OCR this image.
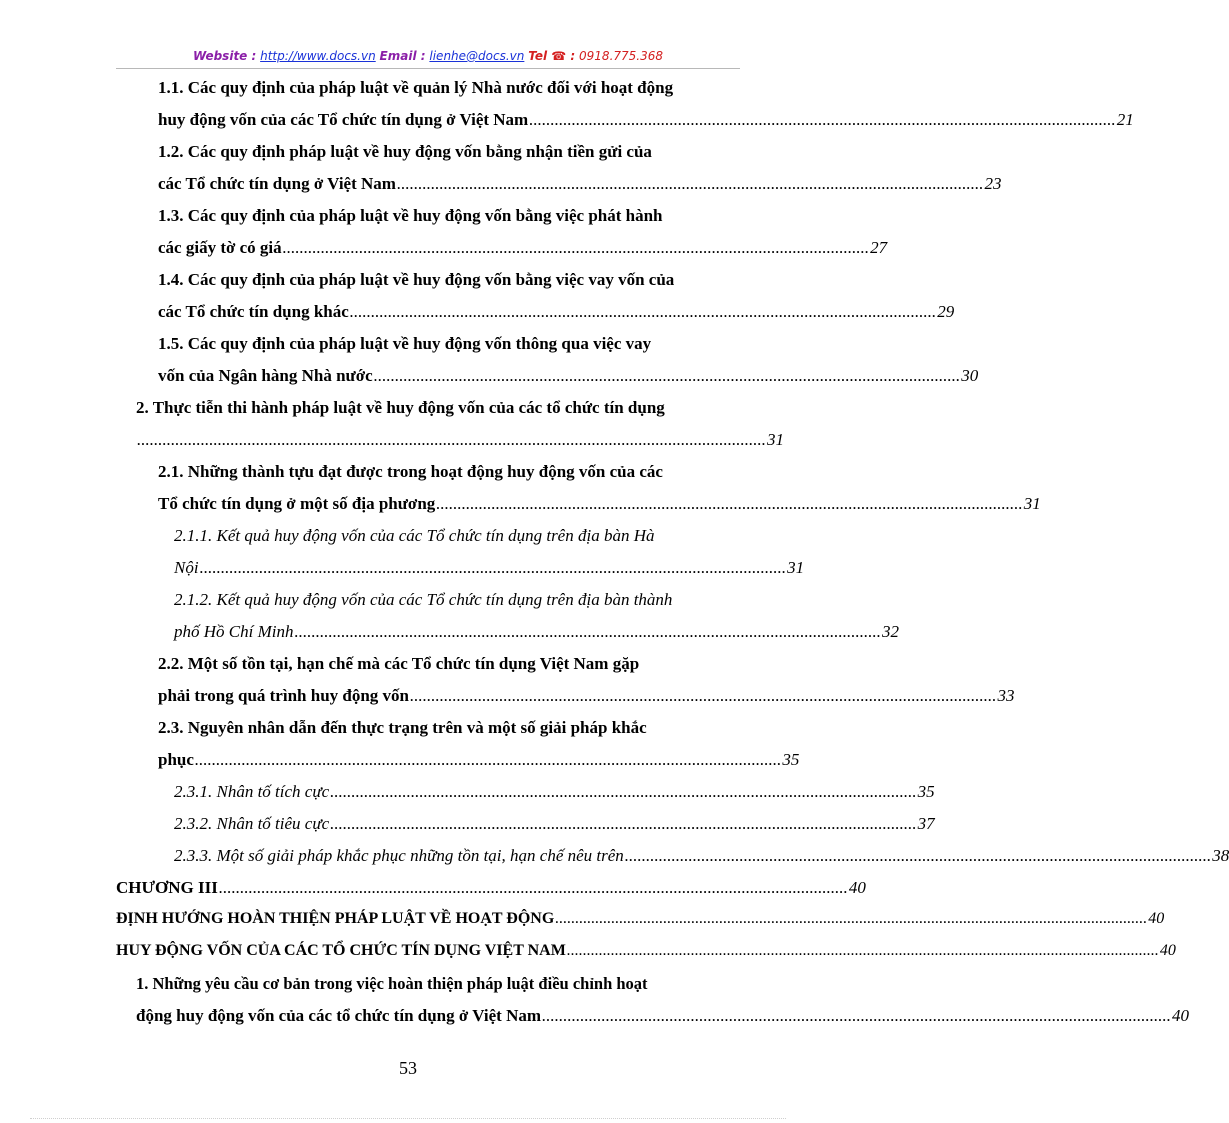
Website : http://www.docs.vn Email : lienhe@docs.vn Tel ☎ : 0918.775.368
1.1. Các quy định của pháp luật về quản lý Nhà nước đối với hoạt động
huy động vốn của các Tổ chức tín dụng ở Việt Nam .......................................................................................................................................... 21
1.2. Các quy định pháp luật về huy động vốn bằng nhận tiền gửi của
các Tổ chức tín dụng ở Việt Nam .......................................................................................................................................... 23
1.3. Các quy định của pháp luật về huy động vốn bằng việc phát hành
các giấy tờ có giá .......................................................................................................................................... 27
1.4. Các quy định của pháp luật về huy động vốn bằng việc vay vốn của
các Tổ chức tín dụng khác .......................................................................................................................................... 29
1.5. Các quy định của pháp luật về huy động vốn thông qua việc vay
vốn của Ngân hàng Nhà nước .......................................................................................................................................... 30
2. Thực tiễn thi hành pháp luật về huy động vốn của các tổ chức tín dụng
.................................................................................................................................................... 31
2.1. Những thành tựu đạt được trong hoạt động huy động vốn của các
Tổ chức tín dụng ở một số địa phương .......................................................................................................................................... 31
2.1.1. Kết quả huy động vốn của các Tổ chức tín dụng trên địa bàn Hà
Nội .......................................................................................................................................... 31
2.1.2. Kết quả huy động vốn của các Tổ chức tín dụng trên địa bàn thành
phố Hồ Chí Minh .......................................................................................................................................... 32
2.2. Một số tồn tại, hạn chế mà các Tổ chức tín dụng Việt Nam gặp
phải trong quá trình huy động vốn .......................................................................................................................................... 33
2.3. Nguyên nhân dẫn đến thực trạng trên và một số giải pháp khắc
phục .......................................................................................................................................... 35
2.3.1. Nhân tố tích cực .......................................................................................................................................... 35
2.3.2. Nhân tố tiêu cực .......................................................................................................................................... 37
2.3.3. Một số giải pháp khắc phục những tồn tại, hạn chế nêu trên .......................................................................................................................................... 38
CHƯƠNG III .................................................................................................................................................... 40
ĐỊNH HƯỚNG HOÀN THIỆN PHÁP LUẬT VỀ HOẠT ĐỘNG .................................................................................................................................................... 40
HUY ĐỘNG VỐN CỦA CÁC TỔ CHỨC TÍN DỤNG VIỆT NAM .................................................................................................................................................... 40
1. Những yêu cầu cơ bản trong việc hoàn thiện pháp luật điều chỉnh hoạt
động huy động vốn của các tổ chức tín dụng ở Việt Nam .................................................................................................................................................... 40
53
